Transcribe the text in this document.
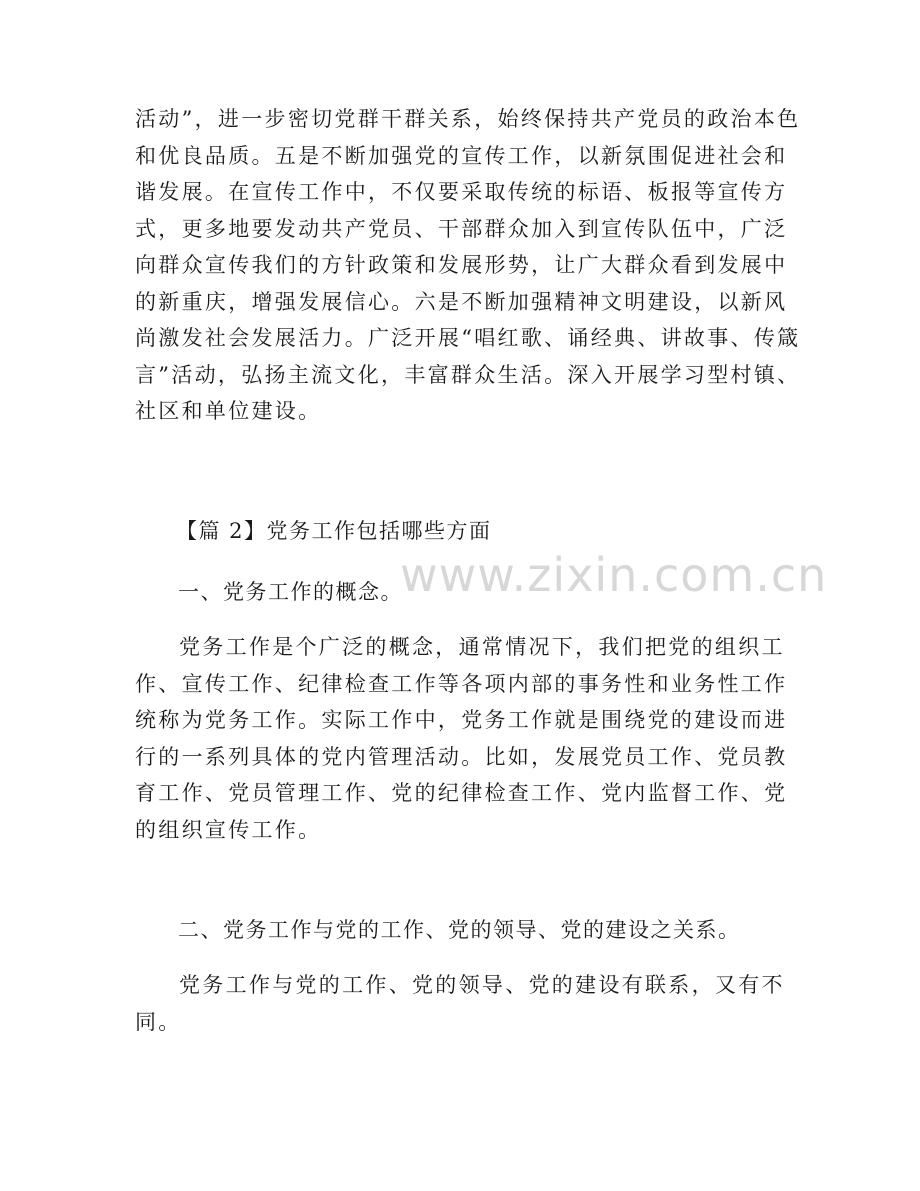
www.zixin.com.cn
活动”，进一步密切党群干群关系，始终保持共产党员的政治本色
和优良品质。五是不断加强党的宣传工作，以新氛围促进社会和
谐发展。在宣传工作中，不仅要采取传统的标语、板报等宣传方
式，更多地要发动共产党员、干部群众加入到宣传队伍中，广泛
向群众宣传我们的方针政策和发展形势，让广大群众看到发展中
的新重庆，增强发展信心。六是不断加强精神文明建设，以新风
尚激发社会发展活力。广泛开展“唱红歌、诵经典、讲故事、传箴
言”活动，弘扬主流文化，丰富群众生活。深入开展学习型村镇、
社区和单位建设。
【篇 2】党务工作包括哪些方面
一、党务工作的概念。
党务工作是个广泛的概念，通常情况下，我们把党的组织工
作、宣传工作、纪律检查工作等各项内部的事务性和业务性工作
统称为党务工作。实际工作中，党务工作就是围绕党的建设而进
行的一系列具体的党内管理活动。比如，发展党员工作、党员教
育工作、党员管理工作、党的纪律检查工作、党内监督工作、党
的组织宣传工作。
二、党务工作与党的工作、党的领导、党的建设之关系。
党务工作与党的工作、党的领导、党的建设有联系，又有不
同。
